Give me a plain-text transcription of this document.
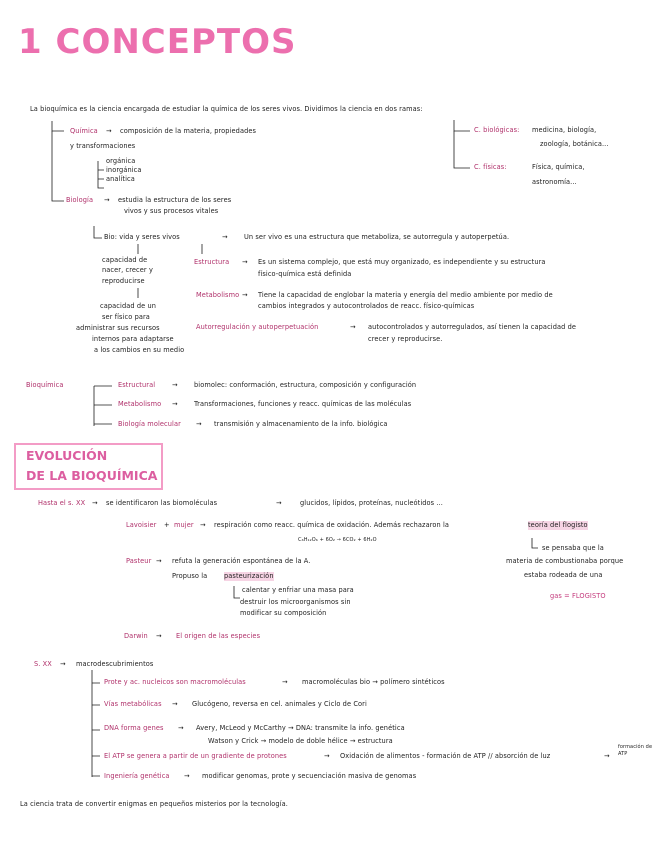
1 CONCEPTOS
La bioquímica es la ciencia encargada de estudiar la química de los seres vivos. Dividimos la ciencia en dos ramas:
Química → composición de la materia, propiedades
y transformaciones
orgánica
inorgánica
analítica
Biología → estudia la estructura de los seres
vivos y sus procesos vitales
C. biológicas: medicina, biología,
zoología, botánica...
C. físicas:	Física, química,
astronomía...
Bio: vida y seres vivos	→ Un ser vivo es una estructura que metaboliza, se autorregula y autoperpetúa.
capacidad de
nacer, crecer y
reproducirse
capacidad de un
ser físico para
administrar sus recursos
internos para adaptarse
a los cambios en su medio
Estructura → Es un sistema complejo, que está muy organizado, es independiente y su estructura
físico-química está definida
Metabolismo → Tiene la capacidad de englobar la materia y energía del medio ambiente por medio de
cambios integrados y autocontrolados de reacc. físico-químicas
Autorregulación y autoperpetuación	→ autocontrolados y autorregulados, así tienen la capacidad de
crecer y reproducirse.
Bioquímica	Estructural	→ biomolec: conformación, estructura, composición y configuración
Metabolismo → Transformaciones, funciones y reacc. químicas de las moléculas
Biología molecular → transmisión y almacenamiento de la info. biológica
EVOLUCIÓN
DE LA BIOQUÍMICA
Hasta el s. XX → se identificaron las biomoléculas	→	glucidos, lípidos, proteínas, nucleótidos ...
Lavoisier + mujer → respiración como reacc. química de oxidación. Además rechazaron la	teoría del flogisto
C₆H₁₂O₆ + 6O₂ → 6CO₂ + 6H₂O
se pensaba que la
materia de combustionaba porque
estaba rodeada de una
gas = FLOGISTO
Pasteur → refuta la generación espontánea de la A.
Propuso la	pasteurización
calentar y enfriar una masa para
destruir los microorganismos sin
modificar su composición
Darwin → El origen de las especies
S. XX → macrodescubrimientos
Prote y ac. nucleicos son macromoléculas	→ macromoléculas bio → polímero sintéticos
Vías metabólicas → Glucógeno, reversa en cel. animales y Ciclo de Cori
DNA forma genes → Avery, McLeod y McCarthy → DNA: transmite la info. genética
Watson y Crick → modelo de doble hélice → estructura
El ATP se genera a partir de un gradiente de protones	→ Oxidación de alimentos - formación de ATP // absorción de luz	→
formación de ATP
Ingeniería genética → modificar genomas, prote y secuenciación masiva de genomas
La ciencia trata de convertir enigmas en pequeños misterios por la tecnología.
